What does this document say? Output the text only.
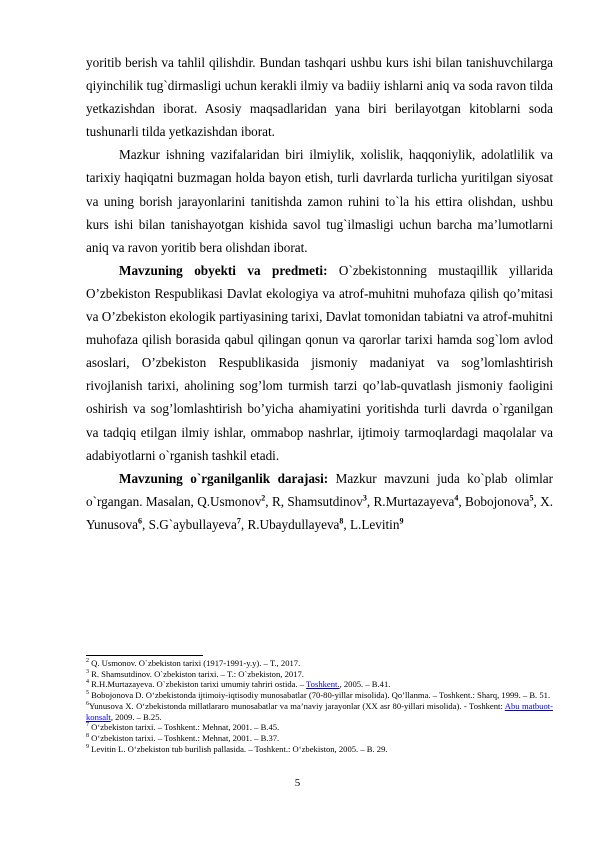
yoritib berish va tahlil qilishdir. Bundan tashqari ushbu kurs ishi bilan tanishuvchilarga qiyinchilik tug`dirmasligi uchun kerakli ilmiy va badiiy ishlarni aniq va soda ravon tilda yetkazishdan iborat. Asosiy maqsadlaridan yana biri berilayotgan kitoblarni soda tushunarli tilda yetkazishdan iborat.

Mazkur ishning vazifalaridan biri ilmiylik, xolislik, haqqoniylik, adolatlilik va tarixiy haqiqatni buzmagan holda bayon etish, turli davrlarda turlicha yuritilgan siyosat va uning borish jarayonlarini tanitishda zamon ruhini to`la his ettira olishdan, ushbu kurs ishi bilan tanishayotgan kishida savol tug`ilmasligi uchun barcha ma’lumotlarni aniq va ravon yoritib bera olishdan iborat.

Mavzuning obyekti va predmeti: O`zbekistonning mustaqillik yillarida O’zbekiston Respublikasi Davlat ekologiya va atrof-muhitni muhofaza qilish qo’mitasi va O’zbekiston ekologik partiyasining tarixi, Davlat tomonidan tabiatni va atrof-muhitni muhofaza qilish borasida qabul qilingan qonun va qarorlar tarixi hamda sog`lom avlod asoslari, O’zbekiston Respublikasida jismoniy madaniyat va sog’lomlashtirish rivojlanish tarixi, aholining sog’lom turmish tarzi qo’lab-quvatlash jismoniy faoligini oshirish va sog’lomlashtirish bo’yicha ahamiyatini yoritishda turli davrda o`rganilgan va tadqiq etilgan ilmiy ishlar, ommabop nashrlar, ijtimoiy tarmoqlardagi maqolalar va adabiyotlarni o`rganish tashkil etadi.

Mavzuning o`rganilganlik darajasi: Mazkur mavzuni juda ko`plab olimlar o`rgangan. Masalan, Q.Usmonov$^2$, R, Shamsutdinov$^3$, R.Murtazayeva$^4$, Bobojonova$^5$, X. Yunusova$^6$, S.G`aybullayeva$^7$, R.Ubaydullayeva$^8$, L.Levitin$^9$

$^2$ Q. Usmonov. O`zbekiston tarixi (1917-1991-y.y). – T., 2017.

$^3$ R. Shamsutdinov. O`zbekiston tarixi. – T.: O`zbekiston, 2017.

$^4$ R.H.Murtazayeva. O`zbekiston tarixi umumiy tahriri ostida. – Toshkent., 2005. – B.41.

$^5$ Bobojonova D. O‘zbekistonda ijtimoiy-iqtisodiy munosabatlar (70-80-yillar misolida). Qo’llanma. – Toshkent.: Sharq, 1999. – B. 51.

$^6$Yunusova X. O‘zbekistonda millatlararo munosabatlar va ma’naviy jarayonlar (XX asr 80-yillari misolida). - Toshkent: Abu matbuot-konsalt, 2009. – B.25.

$^7$ O‘zbekiston tarixi. – Toshkent.: Mehnat, 2001. – B.45.

$^8$ O‘zbekiston tarixi. – Toshkent.: Mehnat, 2001. – B.37.

$^9$ Levitin L. O‘zbekiston tub burilish pallasida. – Toshkent.: O‘zbekiston, 2005. – B. 29.

5
